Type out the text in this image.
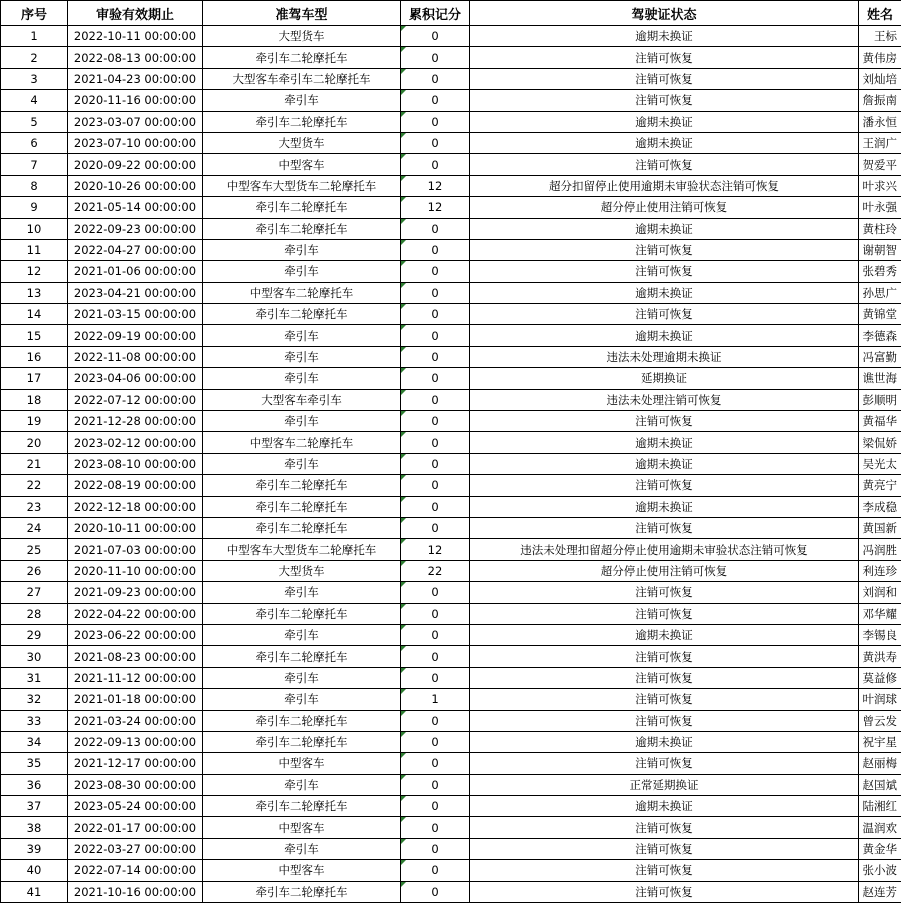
序号	审验有效期止	准驾车型	累积记分	驾驶证状态	姓名
1	2022-10-11 00:00:00	大型货车	0	逾期未换证	王标
2	2022-08-13 00:00:00	牵引车二轮摩托车	0	注销可恢复	黄伟房
3	2021-04-23 00:00:00	大型客车牵引车二轮摩托车	0	注销可恢复	刘灿培
4	2020-11-16 00:00:00	牵引车	0	注销可恢复	詹振南
5	2023-03-07 00:00:00	牵引车二轮摩托车	0	逾期未换证	潘永恒
6	2023-07-10 00:00:00	大型货车	0	逾期未换证	王润广
7	2020-09-22 00:00:00	中型客车	0	注销可恢复	贺爱平
8	2020-10-26 00:00:00	中型客车大型货车二轮摩托车	12	超分扣留停止使用逾期未审验状态注销可恢复	叶求兴
9	2021-05-14 00:00:00	牵引车二轮摩托车	12	超分停止使用注销可恢复	叶永强
10	2022-09-23 00:00:00	牵引车二轮摩托车	0	逾期未换证	黄柱玲
11	2022-04-27 00:00:00	牵引车	0	注销可恢复	谢朝智
12	2021-01-06 00:00:00	牵引车	0	注销可恢复	张碧秀
13	2023-04-21 00:00:00	中型客车二轮摩托车	0	逾期未换证	孙思广
14	2021-03-15 00:00:00	牵引车二轮摩托车	0	注销可恢复	黄锦堂
15	2022-09-19 00:00:00	牵引车	0	逾期未换证	李德森
16	2022-11-08 00:00:00	牵引车	0	违法未处理逾期未换证	冯富勤
17	2023-04-06 00:00:00	牵引车	0	延期换证	谯世海
18	2022-07-12 00:00:00	大型客车牵引车	0	违法未处理注销可恢复	彭顺明
19	2021-12-28 00:00:00	牵引车	0	注销可恢复	黄福华
20	2023-02-12 00:00:00	中型客车二轮摩托车	0	逾期未换证	梁侃娇
21	2023-08-10 00:00:00	牵引车	0	逾期未换证	吴光太
22	2022-08-19 00:00:00	牵引车二轮摩托车	0	注销可恢复	黄亮宁
23	2022-12-18 00:00:00	牵引车二轮摩托车	0	逾期未换证	李成稳
24	2020-10-11 00:00:00	牵引车二轮摩托车	0	注销可恢复	黄国新
25	2021-07-03 00:00:00	中型客车大型货车二轮摩托车	12	违法未处理扣留超分停止使用逾期未审验状态注销可恢复	冯润胜
26	2020-11-10 00:00:00	大型货车	22	超分停止使用注销可恢复	利连珍
27	2021-09-23 00:00:00	牵引车	0	注销可恢复	刘润和
28	2022-04-22 00:00:00	牵引车二轮摩托车	0	注销可恢复	邓华耀
29	2023-06-22 00:00:00	牵引车	0	逾期未换证	李锡良
30	2021-08-23 00:00:00	牵引车二轮摩托车	0	注销可恢复	黄洪寿
31	2021-11-12 00:00:00	牵引车	0	注销可恢复	莫益修
32	2021-01-18 00:00:00	牵引车	1	注销可恢复	叶润球
33	2021-03-24 00:00:00	牵引车二轮摩托车	0	注销可恢复	曾云发
34	2022-09-13 00:00:00	牵引车二轮摩托车	0	逾期未换证	祝宇星
35	2021-12-17 00:00:00	中型客车	0	注销可恢复	赵丽梅
36	2023-08-30 00:00:00	牵引车	0	正常延期换证	赵国斌
37	2023-05-24 00:00:00	牵引车二轮摩托车	0	逾期未换证	陆湘红
38	2022-01-17 00:00:00	中型客车	0	注销可恢复	温润欢
39	2022-03-27 00:00:00	牵引车	0	注销可恢复	黄金华
40	2022-07-14 00:00:00	中型客车	0	注销可恢复	张小波
41	2021-10-16 00:00:00	牵引车二轮摩托车	0	注销可恢复	赵连芳
